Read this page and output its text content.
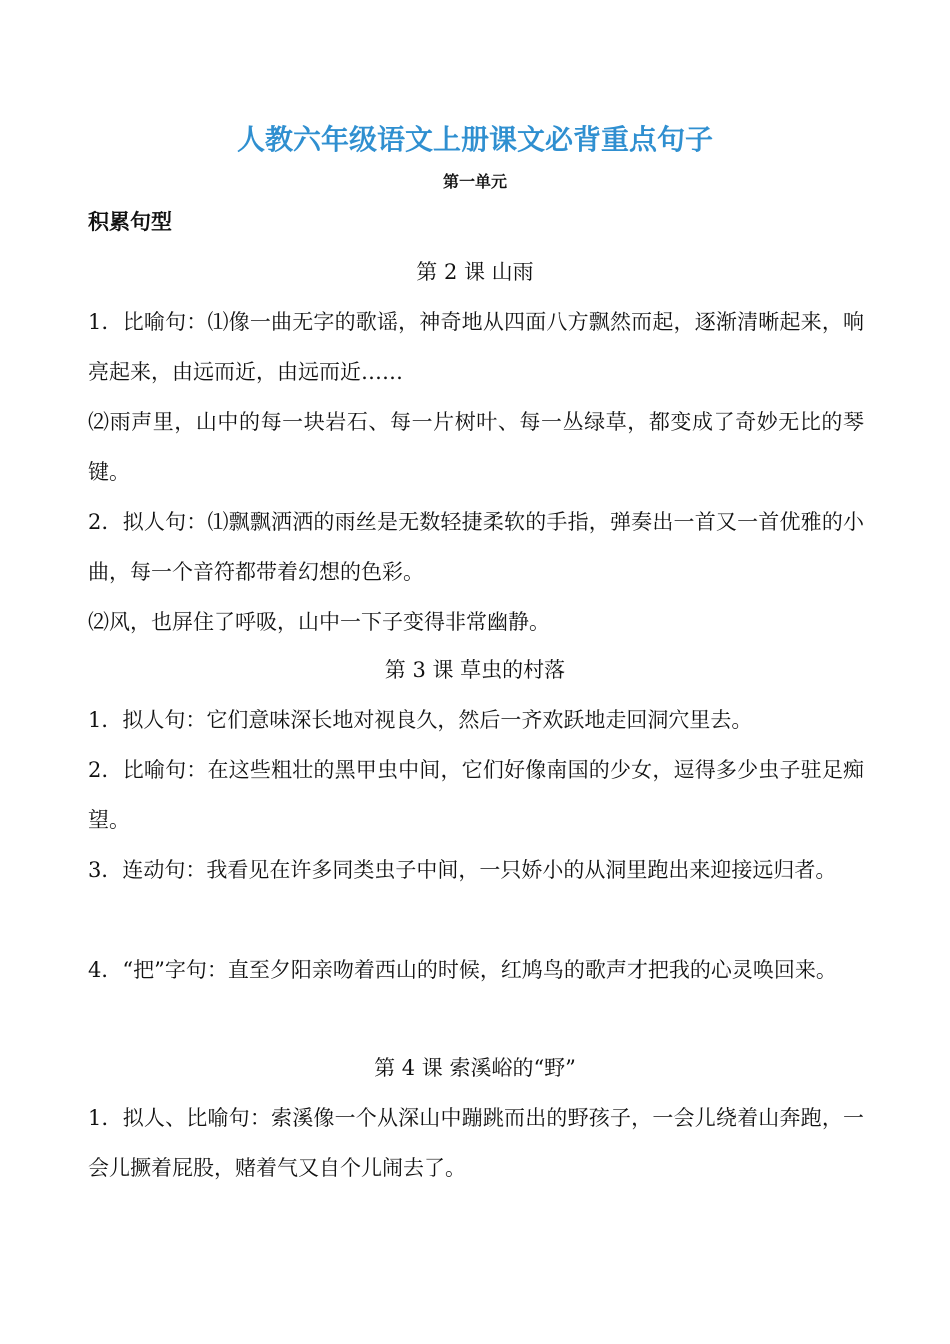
人教六年级语文上册课文必背重点句子
第一单元
积累句型
第 2 课 山雨
1．比喻句：⑴像一曲无字的歌谣，神奇地从四面八方飘然而起，逐渐清晰起来，响亮起来，由远而近，由远而近……
⑵雨声里，山中的每一块岩石、每一片树叶、每一丛绿草，都变成了奇妙无比的琴键。
2．拟人句：⑴飘飘洒洒的雨丝是无数轻捷柔软的手指，弹奏出一首又一首优雅的小曲，每一个音符都带着幻想的色彩。
⑵风，也屏住了呼吸，山中一下子变得非常幽静。
第 3 课 草虫的村落
1．拟人句：它们意味深长地对视良久，然后一齐欢跃地走回洞穴里去。
2．比喻句：在这些粗壮的黑甲虫中间，它们好像南国的少女，逗得多少虫子驻足痴望。
3．连动句：我看见在许多同类虫子中间，一只娇小的从洞里跑出来迎接远归者。
4．“把”字句：直至夕阳亲吻着西山的时候，红鸠鸟的歌声才把我的心灵唤回来。
第 4 课 索溪峪的“野”
1．拟人、比喻句：索溪像一个从深山中蹦跳而出的野孩子，一会儿绕着山奔跑，一会儿撅着屁股，赌着气又自个儿闹去了。
